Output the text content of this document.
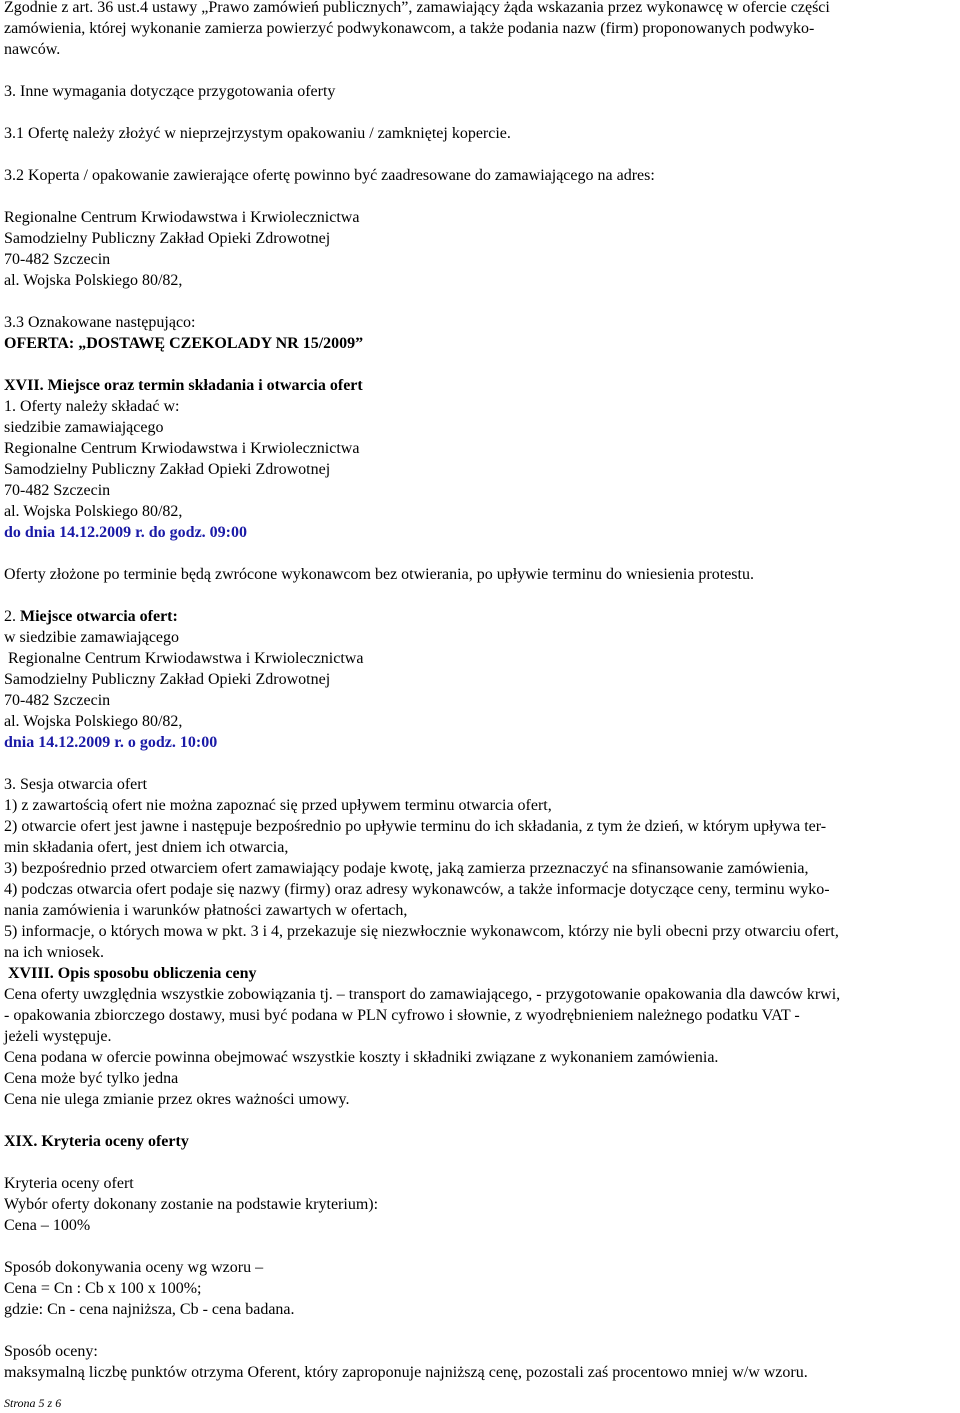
Zgodnie z art. 36 ust.4 ustawy „Prawo zamówień publicznych”, zamawiający żąda wskazania przez wykonawcę w ofercie części
zamówienia, której wykonanie zamierza powierzyć podwykonawcom, a także podania nazw (firm) proponowanych podwyko-
nawców.
3. Inne wymagania dotyczące przygotowania oferty
3.1 Ofertę należy złożyć w nieprzejrzystym opakowaniu / zamkniętej kopercie.
3.2 Koperta / opakowanie zawierające ofertę powinno być zaadresowane do zamawiającego na adres:
Regionalne Centrum Krwiodawstwa i Krwiolecznictwa
Samodzielny Publiczny Zakład Opieki Zdrowotnej
70-482 Szczecin
al. Wojska Polskiego 80/82,
3.3 Oznakowane następująco:
OFERTA: „DOSTAWĘ CZEKOLADY NR 15/2009”
XVII. Miejsce oraz termin składania i otwarcia ofert
1. Oferty należy składać w:
siedzibie zamawiającego
Regionalne Centrum Krwiodawstwa i Krwiolecznictwa
Samodzielny Publiczny Zakład Opieki Zdrowotnej
70-482 Szczecin
al. Wojska Polskiego 80/82,
do dnia 14.12.2009 r. do godz. 09:00
Oferty złożone po terminie będą zwrócone wykonawcom bez otwierania, po upływie terminu do wniesienia protestu.
2. Miejsce otwarcia ofert:
w siedzibie zamawiającego
Regionalne Centrum Krwiodawstwa i Krwiolecznictwa
Samodzielny Publiczny Zakład Opieki Zdrowotnej
70-482 Szczecin
al. Wojska Polskiego 80/82,
dnia 14.12.2009 r. o godz. 10:00
3. Sesja otwarcia ofert
1) z zawartością ofert nie można zapoznać się przed upływem terminu otwarcia ofert,
2) otwarcie ofert jest jawne i następuje bezpośrednio po upływie terminu do ich składania, z tym że dzień, w którym upływa ter-
min składania ofert, jest dniem ich otwarcia,
3) bezpośrednio przed otwarciem ofert zamawiający podaje kwotę, jaką zamierza przeznaczyć na sfinansowanie zamówienia,
4) podczas otwarcia ofert podaje się nazwy (firmy) oraz adresy wykonawców, a także informacje dotyczące ceny, terminu wyko-
nania zamówienia i warunków płatności zawartych w ofertach,
5) informacje, o których mowa w pkt. 3 i 4, przekazuje się niezwłocznie wykonawcom, którzy nie byli obecni przy otwarciu ofert,
na ich wniosek.
XVIII. Opis sposobu obliczenia ceny
Cena oferty uwzględnia wszystkie zobowiązania tj. – transport do zamawiającego, - przygotowanie opakowania dla dawców krwi,
- opakowania zbiorczego dostawy, musi być podana w PLN cyfrowo i słownie, z wyodrębnieniem należnego podatku VAT -
jeżeli występuje.
Cena podana w ofercie powinna obejmować wszystkie koszty i składniki związane z wykonaniem zamówienia.
Cena może być tylko jedna
Cena nie ulega zmianie przez okres ważności umowy.
XIX. Kryteria oceny oferty
Kryteria oceny ofert
Wybór oferty dokonany zostanie na podstawie kryterium):
Cena – 100%
Sposób dokonywania oceny wg wzoru –
Cena = Cn : Cb x 100 x 100%;
gdzie: Cn - cena najniższa, Cb - cena badana.
Sposób oceny:
maksymalną liczbę punktów otrzyma Oferent, który zaproponuje najniższą cenę, pozostali zaś procentowo mniej w/w wzoru.
Strona 5 z 6
